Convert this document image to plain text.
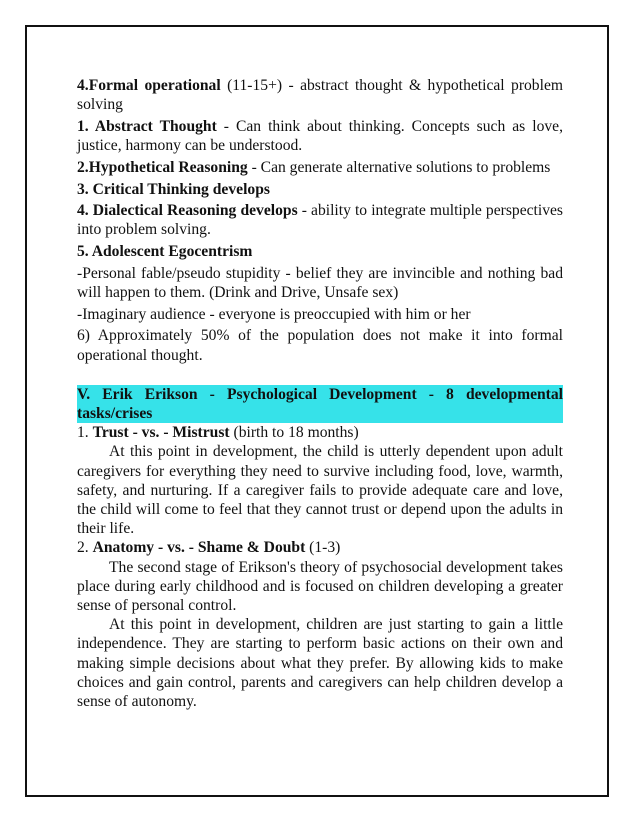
4.Formal operational (11-15+) - abstract thought & hypothetical problem solving

1. Abstract Thought - Can think about thinking. Concepts such as love, justice, harmony can be understood.

2.Hypothetical Reasoning - Can generate alternative solutions to problems

3. Critical Thinking develops

4. Dialectical Reasoning develops - ability to integrate multiple perspectives into problem solving.

5. Adolescent Egocentrism

-Personal fable/pseudo stupidity - belief they are invincible and nothing bad will happen to them. (Drink and Drive, Unsafe sex)

-Imaginary audience - everyone is preoccupied with him or her

6) Approximately 50% of the population does not make it into formal operational thought.

V. Erik Erikson - Psychological Development - 8 developmental tasks/crises

1. Trust - vs. - Mistrust (birth to 18 months)

At this point in development, the child is utterly dependent upon adult caregivers for everything they need to survive including food, love, warmth, safety, and nurturing. If a caregiver fails to provide adequate care and love, the child will come to feel that they cannot trust or depend upon the adults in their life.

2. Anatomy - vs. - Shame & Doubt (1-3)

The second stage of Erikson's theory of psychosocial development takes place during early childhood and is focused on children developing a greater sense of personal control.

At this point in development, children are just starting to gain a little independence. They are starting to perform basic actions on their own and making simple decisions about what they prefer. By allowing kids to make choices and gain control, parents and caregivers can help children develop a sense of autonomy.
